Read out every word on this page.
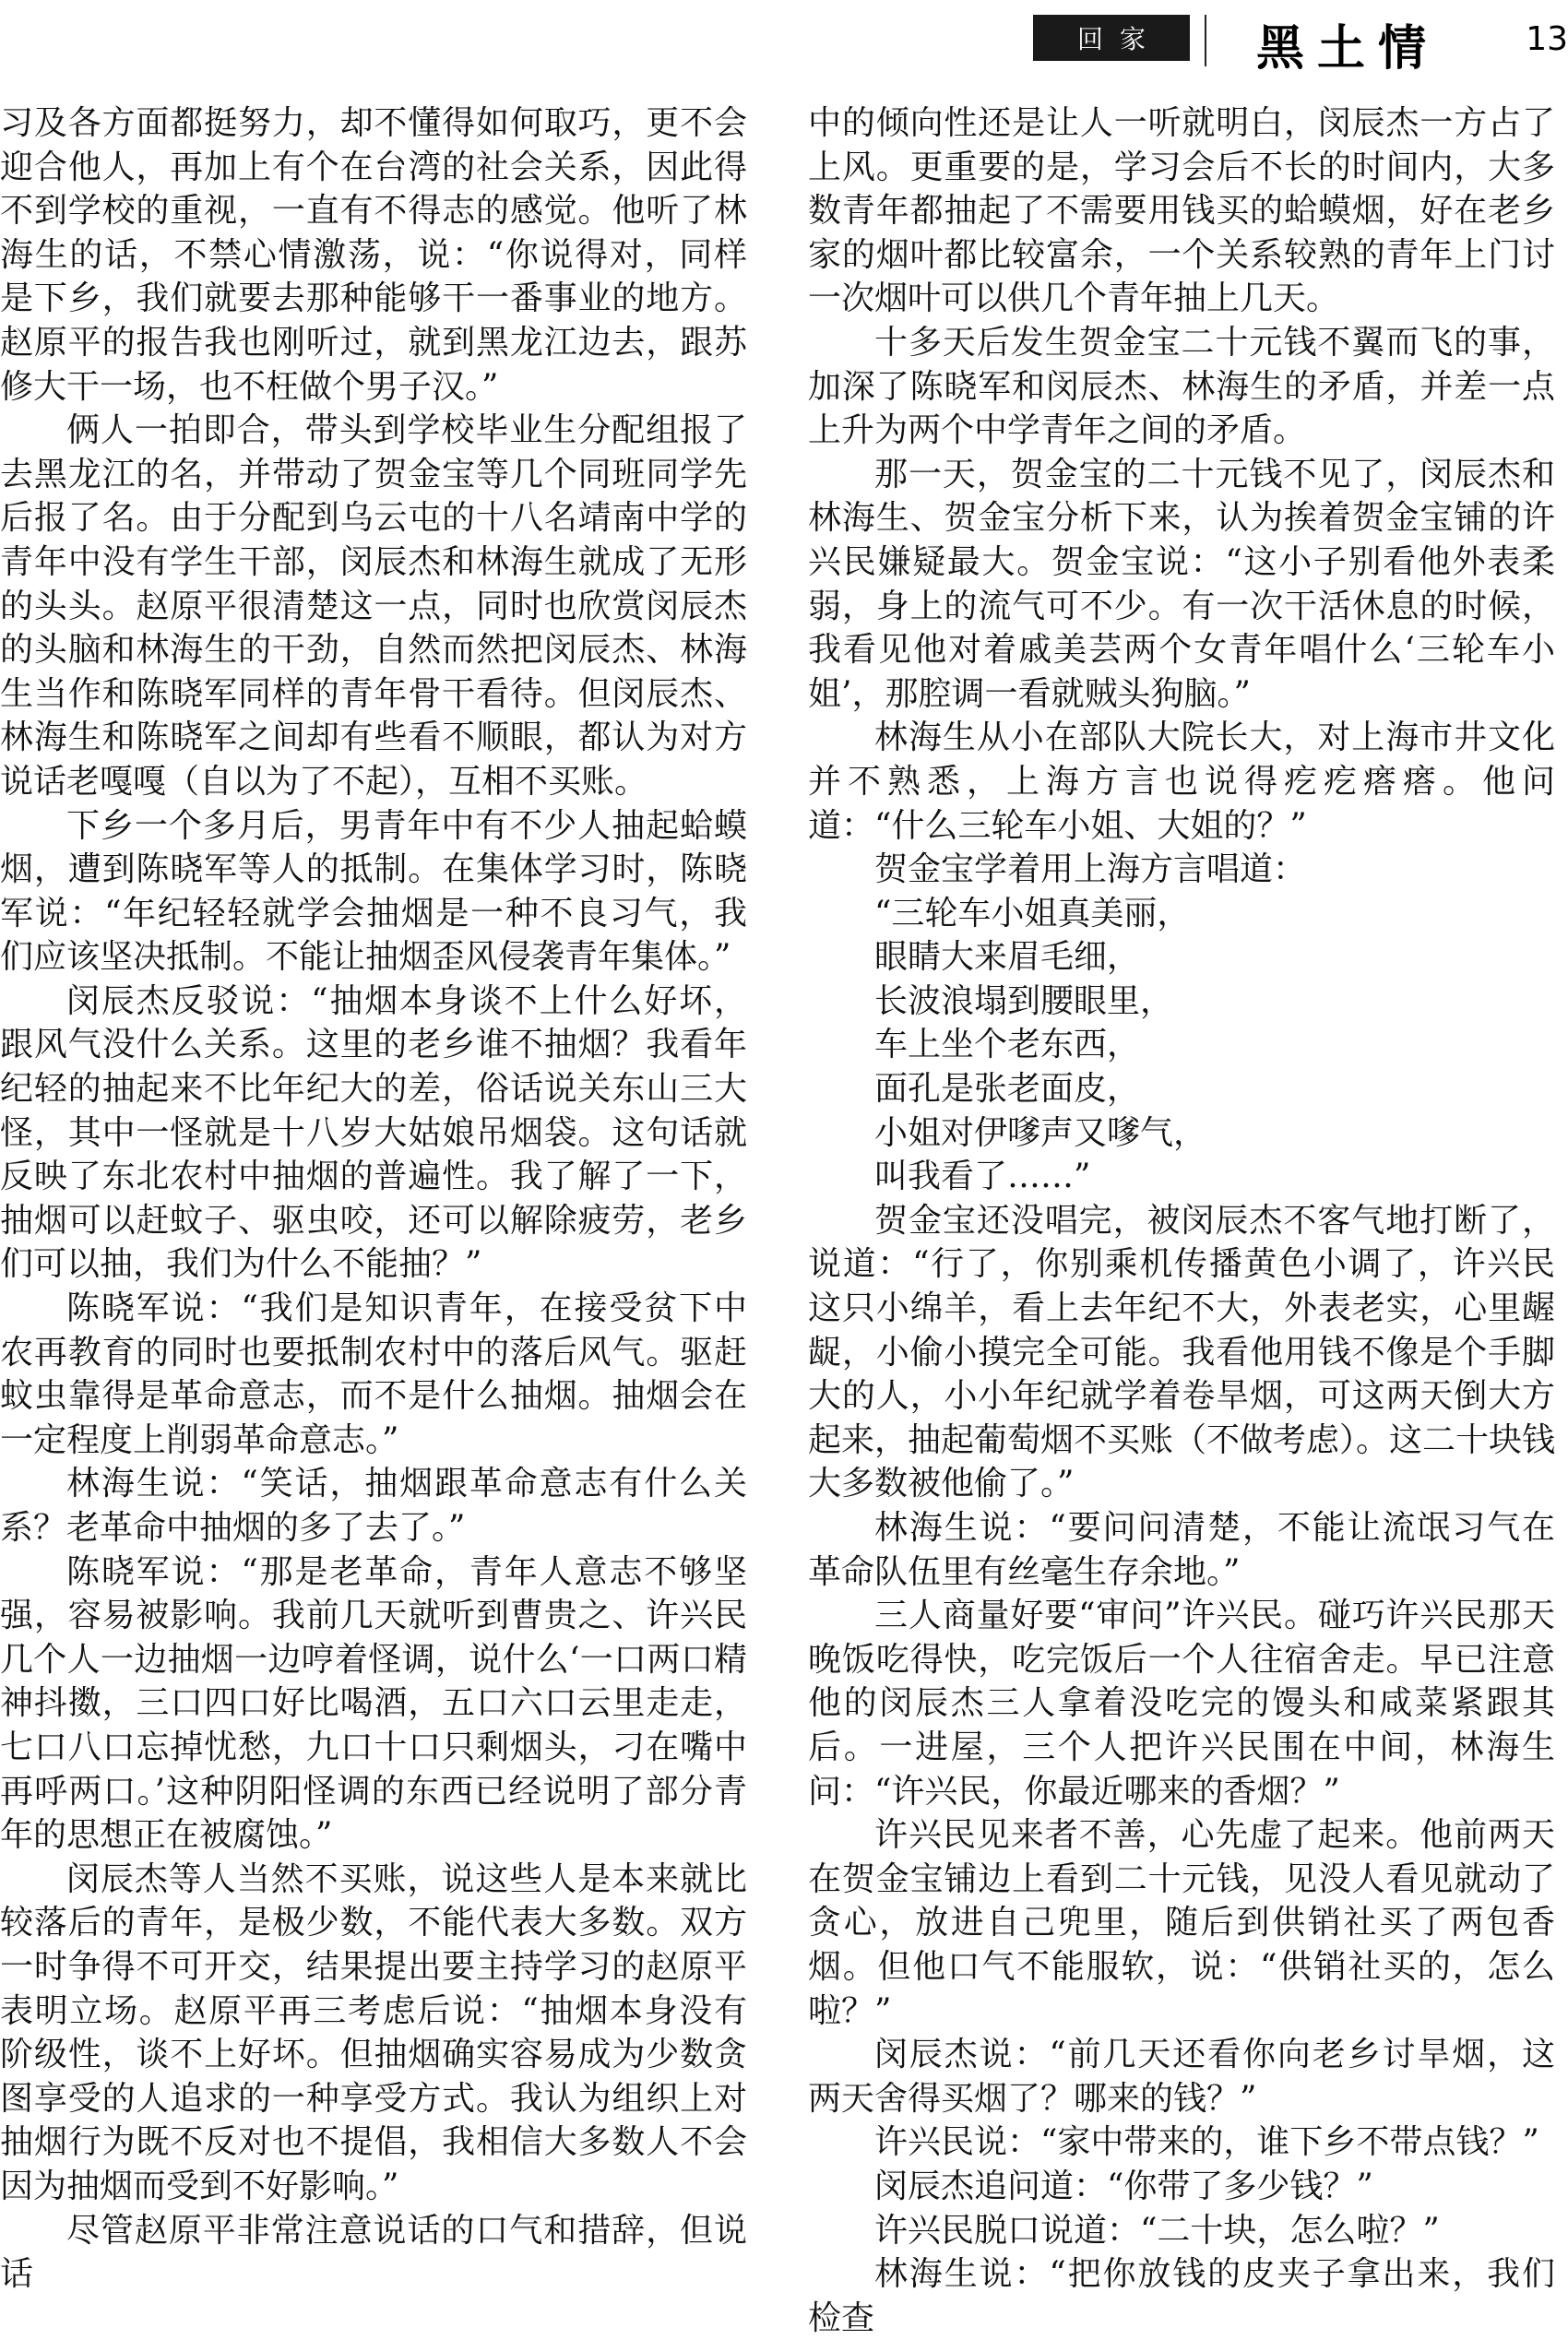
回家	黑土情	13

习及各方面都挺努力，却不懂得如何取巧，更不会迎合他人，再加上有个在台湾的社会关系，因此得不到学校的重视，一直有不得志的感觉。他听了林海生的话，不禁心情激荡，说：“你说得对，同样是下乡，我们就要去那种能够干一番事业的地方。赵原平的报告我也刚听过，就到黑龙江边去，跟苏修大干一场，也不枉做个男子汉。”

俩人一拍即合，带头到学校毕业生分配组报了去黑龙江的名，并带动了贺金宝等几个同班同学先后报了名。由于分配到乌云屯的十八名靖南中学的青年中没有学生干部，闵辰杰和林海生就成了无形的头头。赵原平很清楚这一点，同时也欣赏闵辰杰的头脑和林海生的干劲，自然而然把闵辰杰、林海生当作和陈晓军同样的青年骨干看待。但闵辰杰、林海生和陈晓军之间却有些看不顺眼，都认为对方说话老嘎嘎（自以为了不起），互相不买账。

下乡一个多月后，男青年中有不少人抽起蛤蟆烟，遭到陈晓军等人的抵制。在集体学习时，陈晓军说：“年纪轻轻就学会抽烟是一种不良习气，我们应该坚决抵制。不能让抽烟歪风侵袭青年集体。”

闵辰杰反驳说：“抽烟本身谈不上什么好坏，跟风气没什么关系。这里的老乡谁不抽烟？我看年纪轻的抽起来不比年纪大的差，俗话说关东山三大怪，其中一怪就是十八岁大姑娘吊烟袋。这句话就反映了东北农村中抽烟的普遍性。我了解了一下，抽烟可以赶蚊子、驱虫咬，还可以解除疲劳，老乡们可以抽，我们为什么不能抽？”

陈晓军说：“我们是知识青年，在接受贫下中农再教育的同时也要抵制农村中的落后风气。驱赶蚊虫靠得是革命意志，而不是什么抽烟。抽烟会在一定程度上削弱革命意志。”

林海生说：“笑话，抽烟跟革命意志有什么关系？老革命中抽烟的多了去了。”

陈晓军说：“那是老革命，青年人意志不够坚强，容易被影响。我前几天就听到曹贵之、许兴民几个人一边抽烟一边哼着怪调，说什么‘一口两口精神抖擞，三口四口好比喝酒，五口六口云里走走，七口八口忘掉忧愁，九口十口只剩烟头，刁在嘴中再呼两口。’这种阴阳怪调的东西已经说明了部分青年的思想正在被腐蚀。”

闵辰杰等人当然不买账，说这些人是本来就比较落后的青年，是极少数，不能代表大多数。双方一时争得不可开交，结果提出要主持学习的赵原平表明立场。赵原平再三考虑后说：“抽烟本身没有阶级性，谈不上好坏。但抽烟确实容易成为少数贪图享受的人追求的一种享受方式。我认为组织上对抽烟行为既不反对也不提倡，我相信大多数人不会因为抽烟而受到不好影响。”

尽管赵原平非常注意说话的口气和措辞，但说话

中的倾向性还是让人一听就明白，闵辰杰一方占了上风。更重要的是，学习会后不长的时间内，大多数青年都抽起了不需要用钱买的蛤蟆烟，好在老乡家的烟叶都比较富余，一个关系较熟的青年上门讨一次烟叶可以供几个青年抽上几天。

十多天后发生贺金宝二十元钱不翼而飞的事，加深了陈晓军和闵辰杰、林海生的矛盾，并差一点上升为两个中学青年之间的矛盾。

那一天，贺金宝的二十元钱不见了，闵辰杰和林海生、贺金宝分析下来，认为挨着贺金宝铺的许兴民嫌疑最大。贺金宝说：“这小子别看他外表柔弱，身上的流气可不少。有一次干活休息的时候，我看见他对着戚美芸两个女青年唱什么‘三轮车小姐’，那腔调一看就贼头狗脑。”

林海生从小在部队大院长大，对上海市井文化并不熟悉，上海方言也说得疙疙瘩瘩。他问道：“什么三轮车小姐、大姐的？”

贺金宝学着用上海方言唱道：

“三轮车小姐真美丽，

眼睛大来眉毛细，

长波浪塌到腰眼里，

车上坐个老东西，

面孔是张老面皮，

小姐对伊嗲声又嗲气，

叫我看了……”

贺金宝还没唱完，被闵辰杰不客气地打断了，说道：“行了，你别乘机传播黄色小调了，许兴民这只小绵羊，看上去年纪不大，外表老实，心里龌龊，小偷小摸完全可能。我看他用钱不像是个手脚大的人，小小年纪就学着卷旱烟，可这两天倒大方起来，抽起葡萄烟不买账（不做考虑）。这二十块钱大多数被他偷了。”

林海生说：“要问问清楚，不能让流氓习气在革命队伍里有丝毫生存余地。”

三人商量好要“审问”许兴民。碰巧许兴民那天晚饭吃得快，吃完饭后一个人往宿舍走。早已注意他的闵辰杰三人拿着没吃完的馒头和咸菜紧跟其后。一进屋，三个人把许兴民围在中间，林海生问：“许兴民，你最近哪来的香烟？”

许兴民见来者不善，心先虚了起来。他前两天在贺金宝铺边上看到二十元钱，见没人看见就动了贪心，放进自己兜里，随后到供销社买了两包香烟。但他口气不能服软，说：“供销社买的，怎么啦？”

闵辰杰说：“前几天还看你向老乡讨旱烟，这两天舍得买烟了？哪来的钱？”

许兴民说：“家中带来的，谁下乡不带点钱？”

闵辰杰追问道：“你带了多少钱？”

许兴民脱口说道：“二十块，怎么啦？”

林海生说：“把你放钱的皮夹子拿出来，我们检查
